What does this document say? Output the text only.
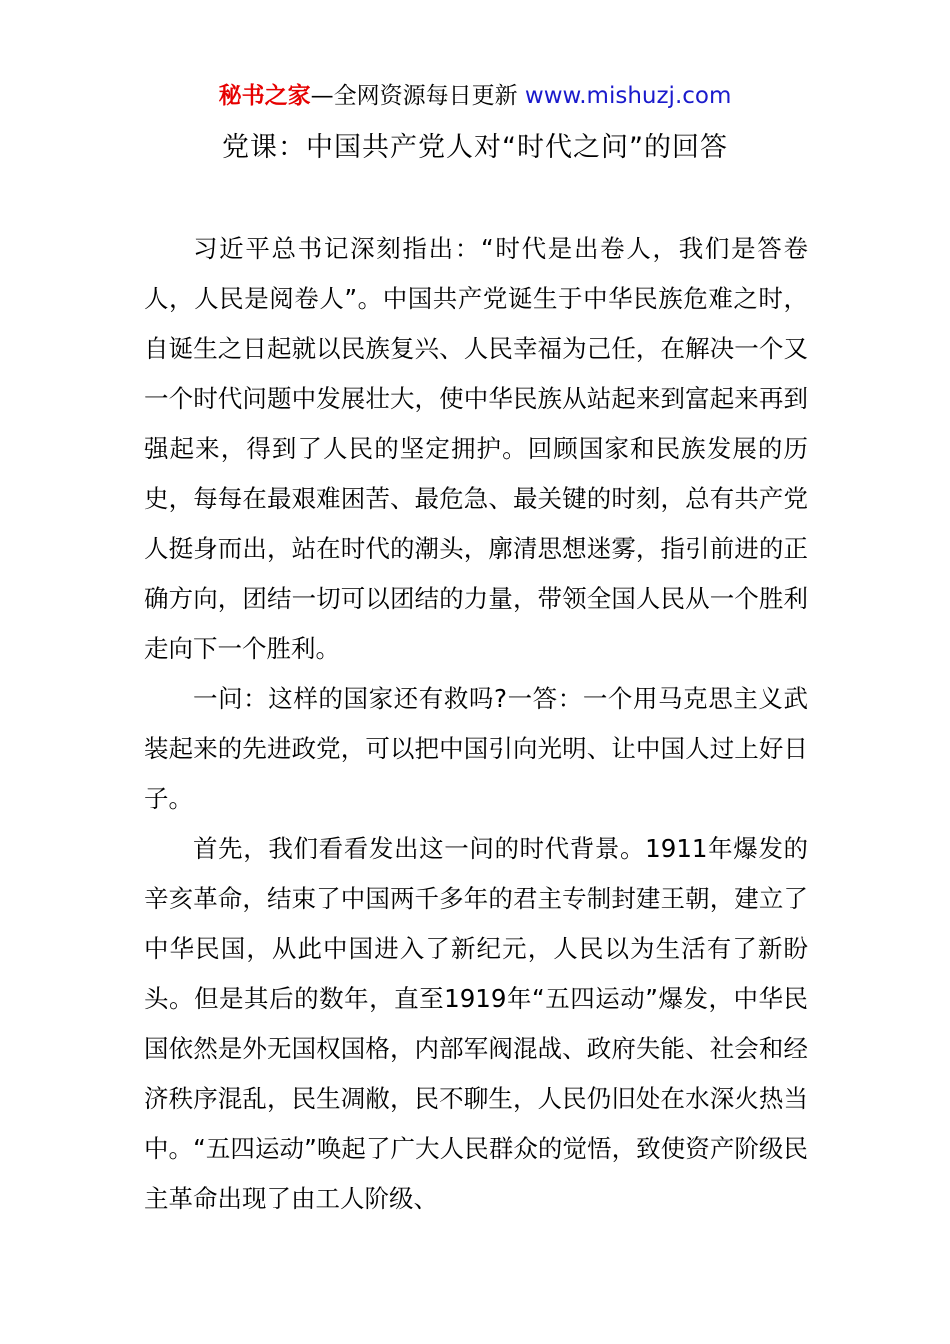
秘书之家—全网资源每日更新 www.mishuzj.com
党课：中国共产党人对“时代之问”的回答

习近平总书记深刻指出：“时代是出卷人，我们是答卷人，人民是阅卷人”。中国共产党诞生于中华民族危难之时，自诞生之日起就以民族复兴、人民幸福为己任，在解决一个又一个时代问题中发展壮大，使中华民族从站起来到富起来再到强起来，得到了人民的坚定拥护。回顾国家和民族发展的历史，每每在最艰难困苦、最危急、最关键的时刻，总有共产党人挺身而出，站在时代的潮头，廓清思想迷雾，指引前进的正确方向，团结一切可以团结的力量，带领全国人民从一个胜利走向下一个胜利。

一问：这样的国家还有救吗?一答：一个用马克思主义武装起来的先进政党，可以把中国引向光明、让中国人过上好日子。

首先，我们看看发出这一问的时代背景。1911年爆发的辛亥革命，结束了中国两千多年的君主专制封建王朝，建立了中华民国，从此中国进入了新纪元，人民以为生活有了新盼头。但是其后的数年，直至1919年“五四运动”爆发，中华民国依然是外无国权国格，内部军阀混战、政府失能、社会和经济秩序混乱，民生凋敝，民不聊生，人民仍旧处在水深火热当中。“五四运动”唤起了广大人民群众的觉悟，致使资产阶级民主革命出现了由工人阶级、
